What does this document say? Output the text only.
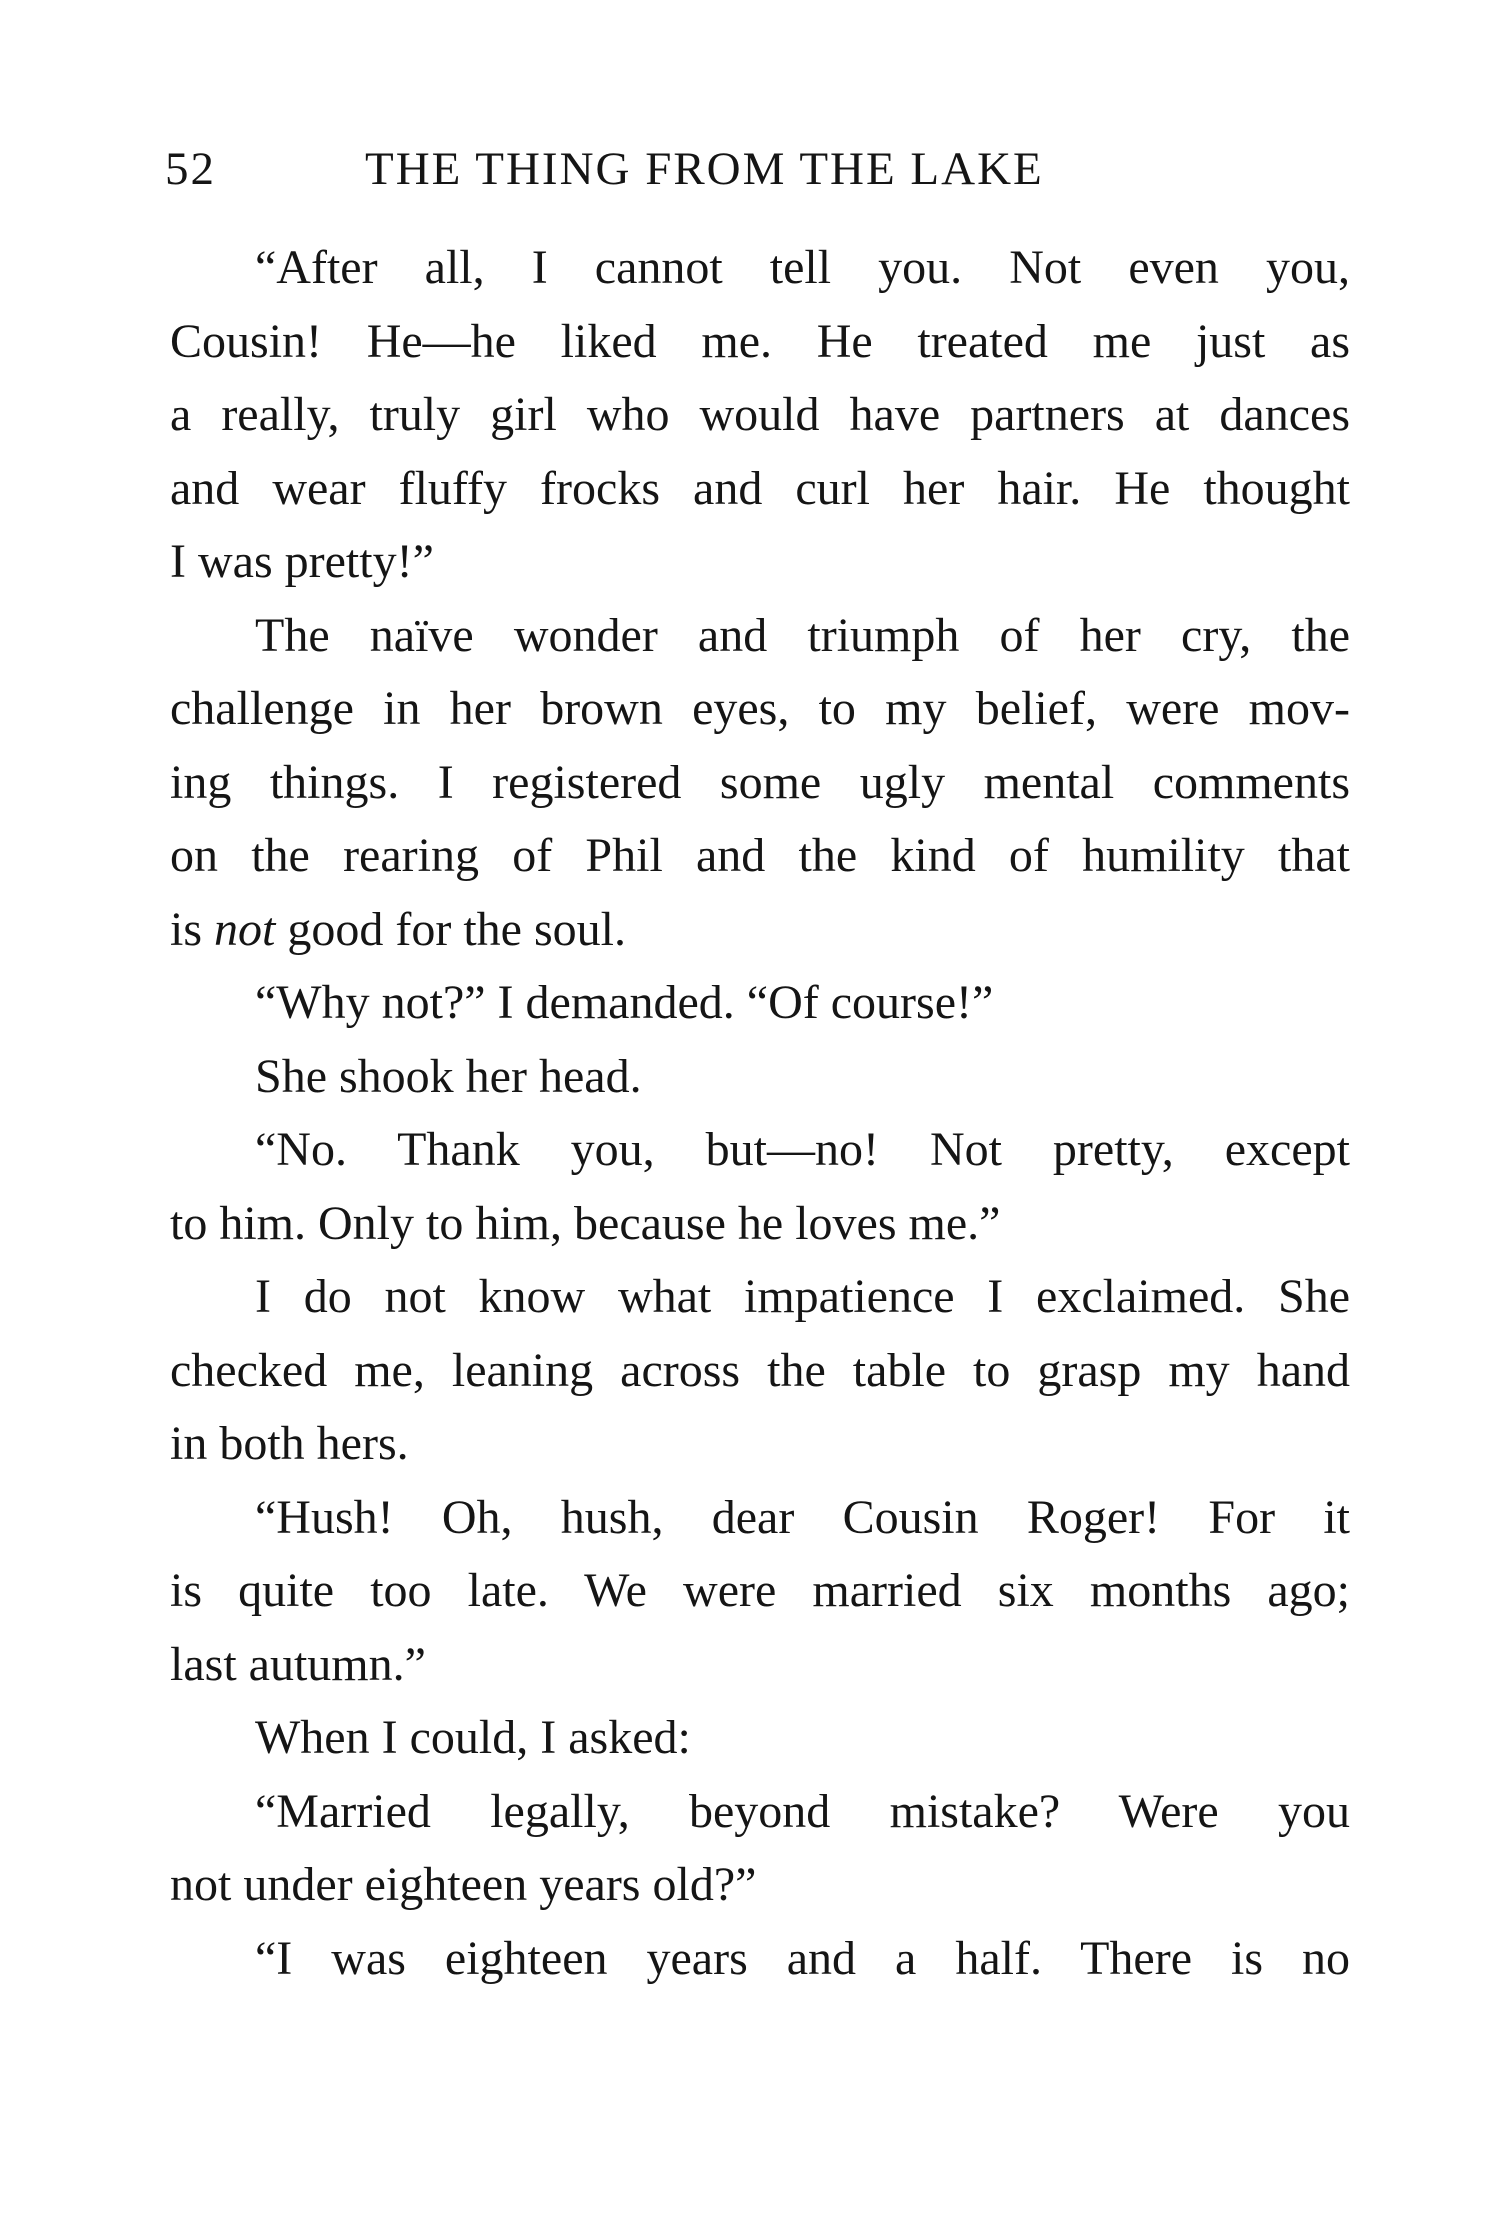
52	THE THING FROM THE LAKE
“After all, I cannot tell you. Not even you,
Cousin! He—he liked me. He treated me just as
a really, truly girl who would have partners at dances
and wear fluffy frocks and curl her hair. He thought
I was pretty!”
The naïve wonder and triumph of her cry, the
challenge in her brown eyes, to my belief, were mov-
ing things. I registered some ugly mental comments
on the rearing of Phil and the kind of humility that
is not good for the soul.
“Why not?” I demanded. “Of course!”
She shook her head.
“No. Thank you, but—no! Not pretty, except
to him. Only to him, because he loves me.”
I do not know what impatience I exclaimed. She
checked me, leaning across the table to grasp my hand
in both hers.
“Hush! Oh, hush, dear Cousin Roger! For it
is quite too late. We were married six months ago;
last autumn.”
When I could, I asked:
“Married legally, beyond mistake? Were you
not under eighteen years old?”
“I was eighteen years and a half. There is no
